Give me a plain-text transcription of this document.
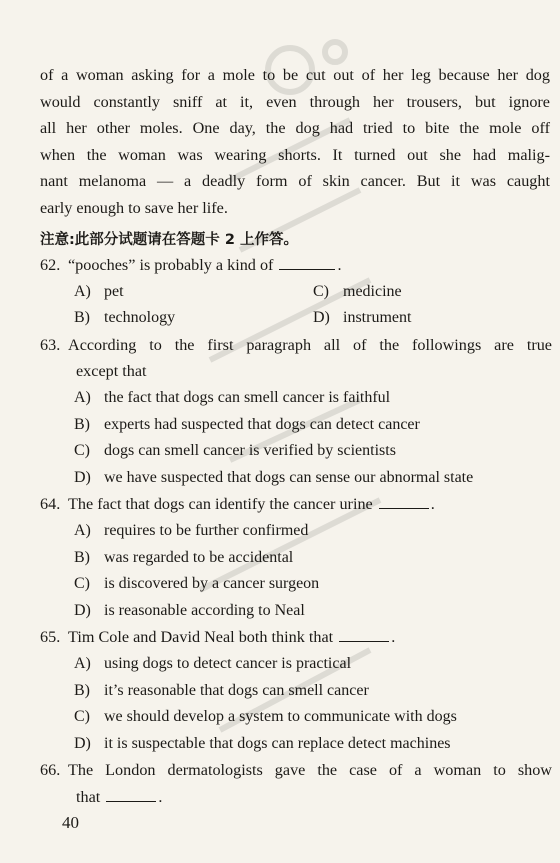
of a woman asking for a mole to be cut out of her leg because her dog
would constantly sniff at it, even through her trousers, but ignore
all her other moles. One day, the dog had tried to bite the mole off
when the woman was wearing shorts. It turned out she had malig-
nant melanoma — a deadly form of skin cancer. But it was caught
early enough to save her life.
注意:此部分试题请在答题卡 2 上作答。
62. “pooches” is probably a kind of	.
A) pet	C) medicine
B) technology	D) instrument
63. According to the first paragraph all of the followings are true
except that
A) the fact that dogs can smell cancer is faithful
B) experts had suspected that dogs can detect cancer
C) dogs can smell cancer is verified by scientists
D) we have suspected that dogs can sense our abnormal state
64. The fact that dogs can identify the cancer urine	.
A) requires to be further confirmed
B) was regarded to be accidental
C) is discovered by a cancer surgeon
D) is reasonable according to Neal
65. Tim Cole and David Neal both think that	.
A) using dogs to detect cancer is practical
B) it’s reasonable that dogs can smell cancer
C) we should develop a system to communicate with dogs
D) it is suspectable that dogs can replace detect machines
66. The London dermatologists gave the case of a woman to show
that	.
40
